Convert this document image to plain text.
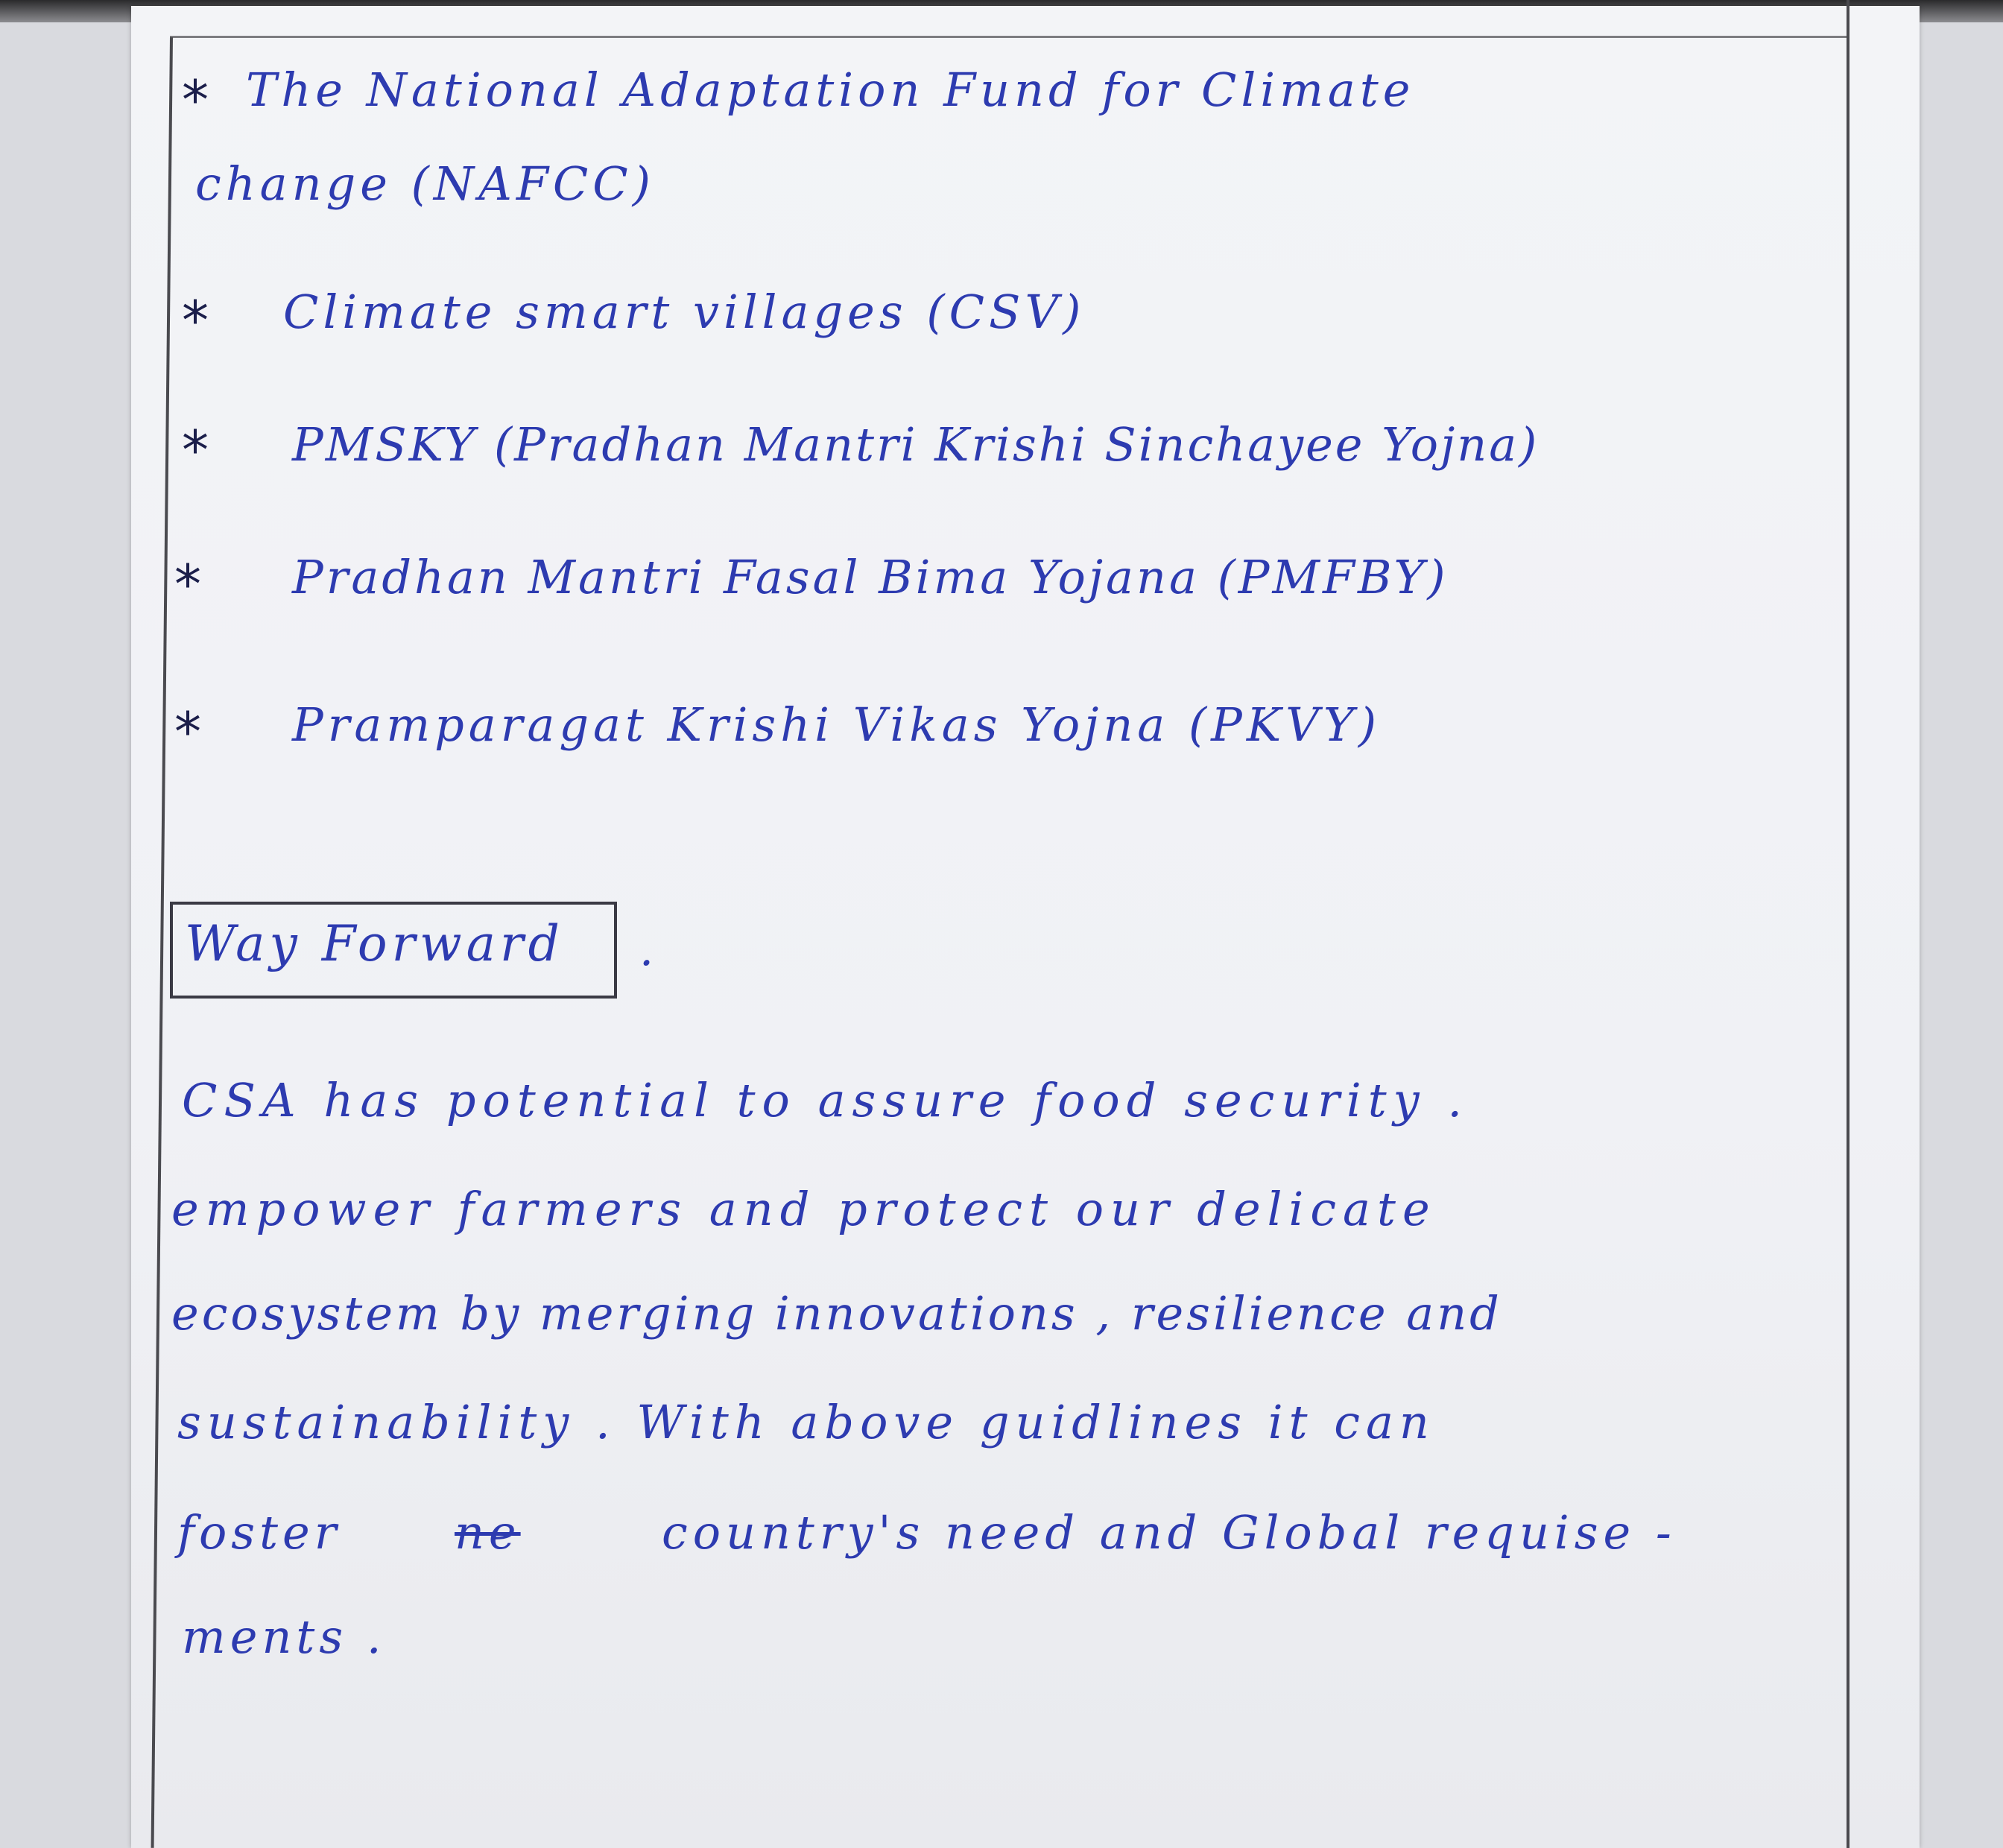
* The National Adaptation Fund for Climate
change (NAFCC)
* Climate smart villages (CSV)
* PMSKY (Pradhan Mantri Krishi Sinchayee Yojna)
* Pradhan Mantri Fasal Bima Yojana (PMFBY)
* Pramparagat Krishi Vikas Yojna (PKVY)
Way Forward .
CSA has potential to assure food security .
empower farmers and protect our delicate
ecosystem by merging innovations , resilience and
sustainability . With above guidlines it can
foster ne	country's need and Global requise -
ments .
